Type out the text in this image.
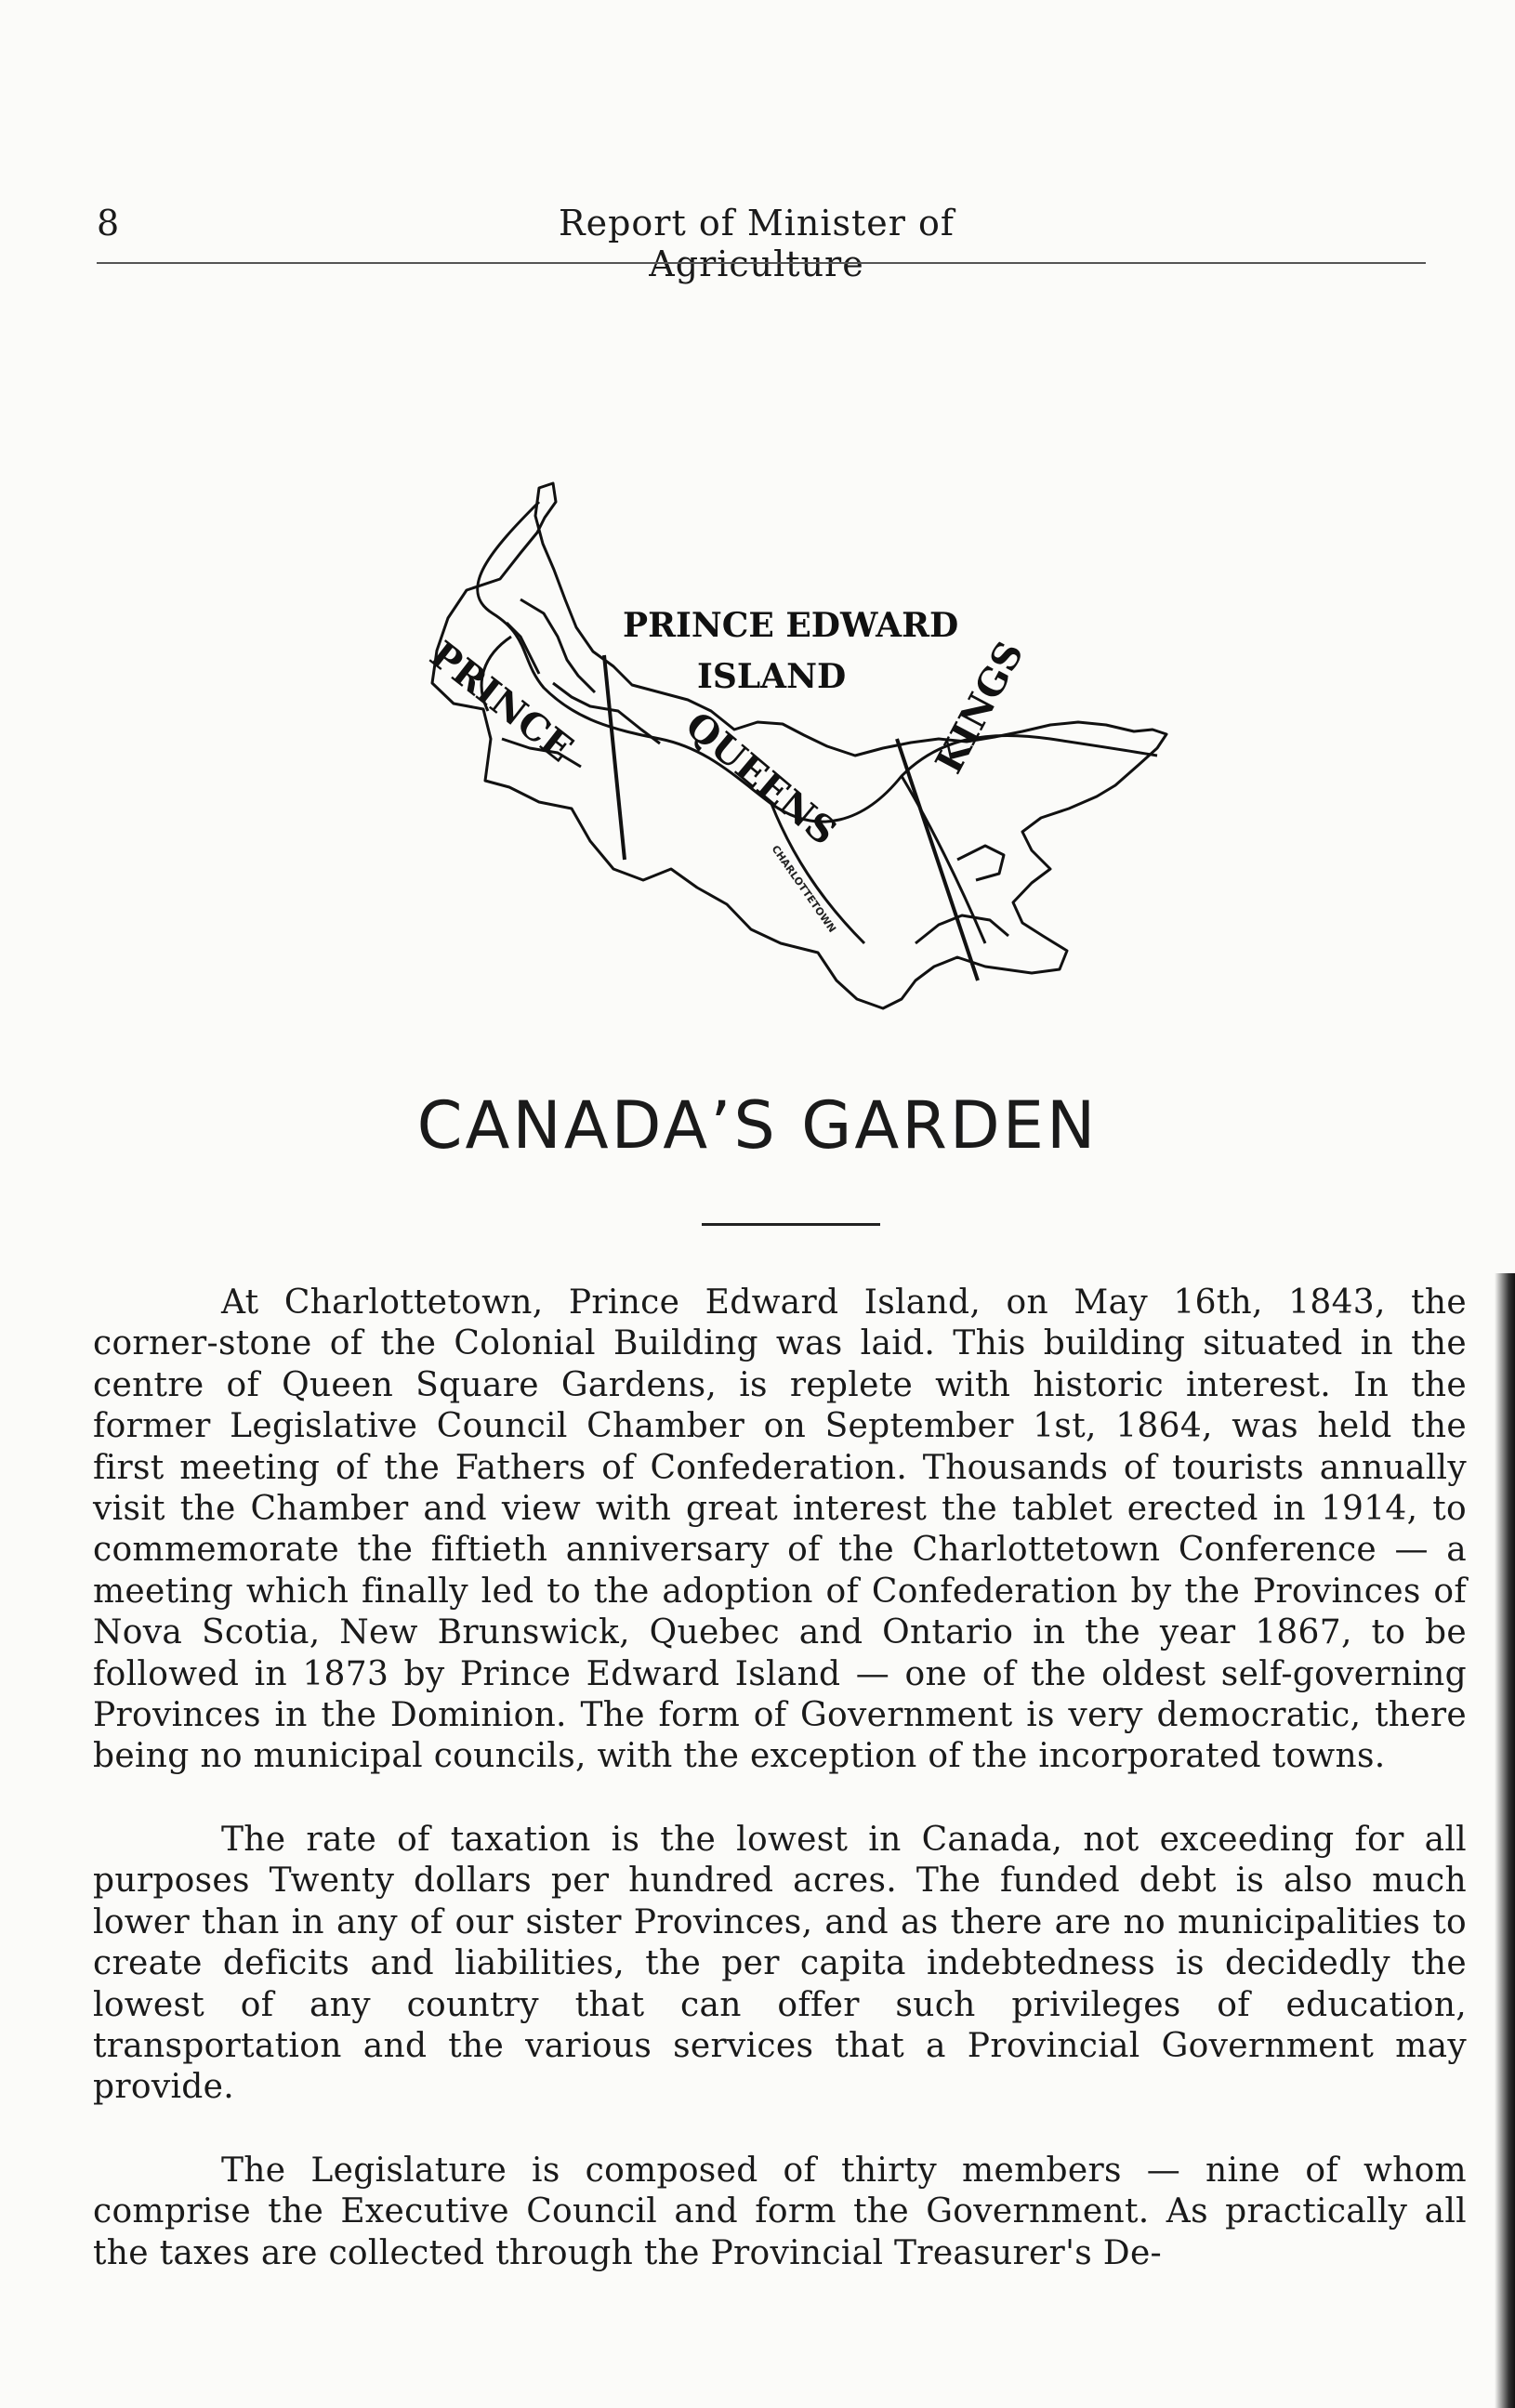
8	Report of Minister of Agriculture
PRINCE EDWARD
ISLAND
PRINCE
QUEENS KINGS
CHARLOTTETOWN
CANADA’S GARDEN

At Charlottetown, Prince Edward Island, on May 16th, 1843, the corner-stone of the Colonial Building was laid. This building situated in the centre of Queen Square Gardens, is replete with historic interest. In the former Legislative Council Chamber on September 1st, 1864, was held the first meeting of the Fathers of Confederation. Thousands of tourists annually visit the Chamber and view with great interest the tablet erected in 1914, to commemorate the fiftieth anniversary of the Charlottetown Conference — a meeting which finally led to the adoption of Confederation by the Provinces of Nova Scotia, New Brunswick, Quebec and Ontario in the year 1867, to be followed in 1873 by Prince Edward Island — one of the oldest self-governing Provinces in the Dominion. The form of Government is very democratic, there being no municipal councils, with the exception of the incorporated towns.

The rate of taxation is the lowest in Canada, not exceeding for all purposes Twenty dollars per hundred acres. The funded debt is also much lower than in any of our sister Provinces, and as there are no municipalities to create deficits and liabilities, the per capita indebtedness is decidedly the lowest of any country that can offer such privileges of education, transportation and the various services that a Provincial Government may provide.

The Legislature is composed of thirty members — nine of whom comprise the Executive Council and form the Government. As practically all the taxes are collected through the Provincial Treasurer's De-
